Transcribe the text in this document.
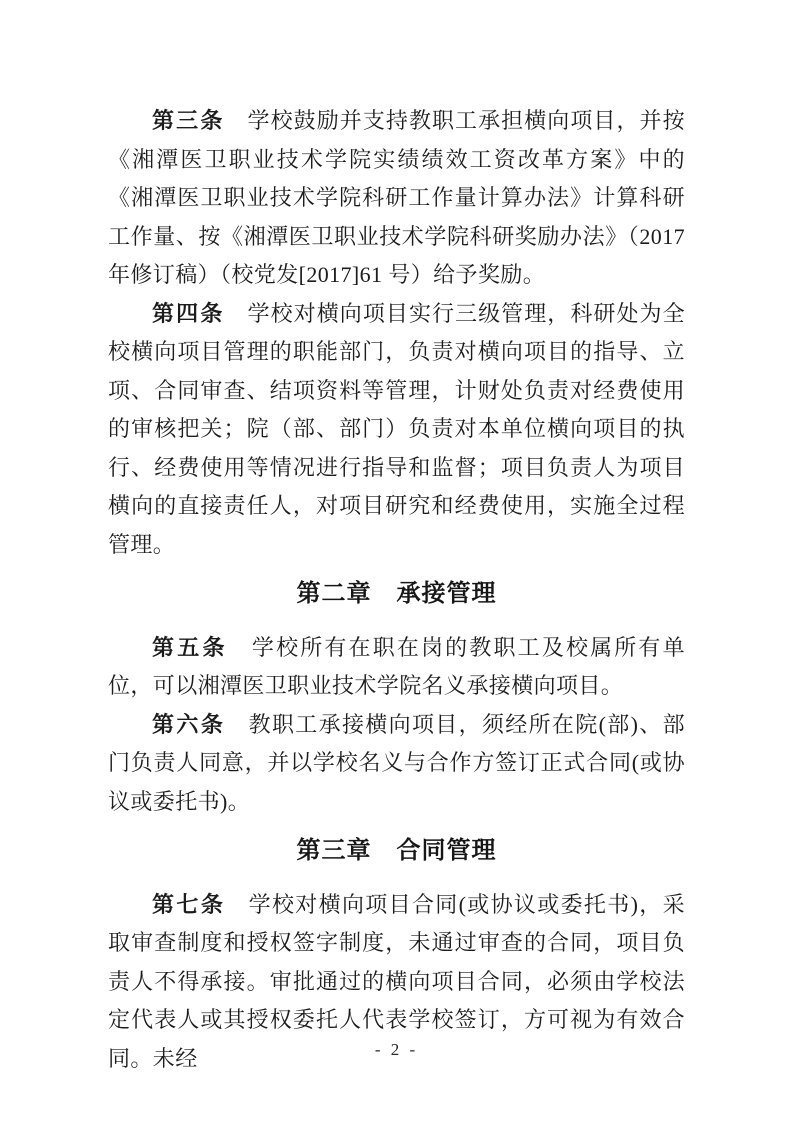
第三条　学校鼓励并支持教职工承担横向项目，并按《湘潭医卫职业技术学院实绩绩效工资改革方案》中的《湘潭医卫职业技术学院科研工作量计算办法》计算科研工作量、按《湘潭医卫职业技术学院科研奖励办法》（2017 年修订稿）（校党发[2017]61 号）给予奖励。

第四条　学校对横向项目实行三级管理，科研处为全校横向项目管理的职能部门，负责对横向项目的指导、立项、合同审查、结项资料等管理，计财处负责对经费使用的审核把关；院（部、部门）负责对本单位横向项目的执行、经费使用等情况进行指导和监督；项目负责人为项目横向的直接责任人，对项目研究和经费使用，实施全过程管理。

第二章　承接管理

第五条　学校所有在职在岗的教职工及校属所有单位，可以湘潭医卫职业技术学院名义承接横向项目。

第六条　教职工承接横向项目，须经所在院(部)、部门负责人同意，并以学校名义与合作方签订正式合同(或协议或委托书)。

第三章　合同管理

第七条　学校对横向项目合同(或协议或委托书)，采取审查制度和授权签字制度，未通过审查的合同，项目负责人不得承接。审批通过的横向项目合同，必须由学校法定代表人或其授权委托人代表学校签订，方可视为有效合同。未经	- 2 -
